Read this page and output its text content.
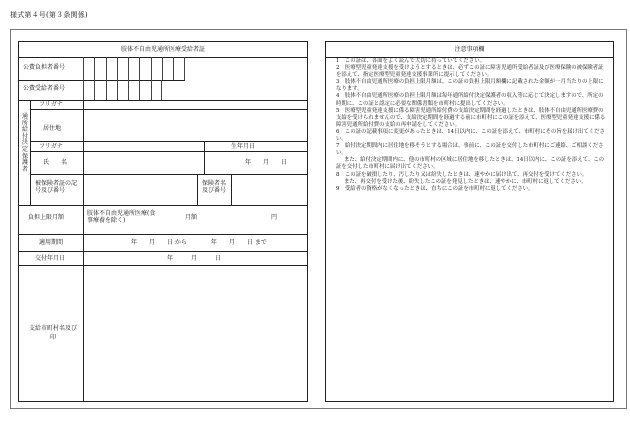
様式第４号(第３条関係)
肢体不自由児通所医療受給者証
公費負担者番号
公費受給者番号
通所給付決定保護者
フリガナ
居住地
フリガナ	生年月日
氏　　名	年　　月　　日
被保険者証の記号及び番号
保険者名及び番号
負担上限月額
肢体不自由児通所医療(食事療養を除く)	月額	円
適用期間	年　　月　　日 から　　　　年　　月　　日 まで
交付年月日	年　　　月　　　日
支給市町村名及び印
注意事項欄

1　この証は、各面をよく読んで大切に持っていてください。

2　医療型児童発達支援を受けようとするときは、必ずこの証に障害児通所受給者証及び医療保険の被保険者証を添えて、指定医療型児童発達支援事業所に提示してください。

3　肢体不自由児通所医療の負担上限月額は、この証の負担上限月額欄に記載された金額が一月当たりの上限になります。

4　肢体不自由児通所医療の負担上限月額は毎年通所給付決定保護者の収入等に応じて決定しますので、所定の時期に、この証と認定に必要な関係書類を市町村に提出してください。

5　医療型児童発達支援に係る障害児通所給付費の支給決定期間を経過したときは、肢体不自由児通所医療費の支給を受けられませんので、支給決定期間を経過する前に市町村にこの証を添えて、医療型児童発達支援に係る障害児通所給付費の支給の再申請をしてください。

6　この証の記載事項に変更があったときは、14日以内に、この証を添えて、市町村にその旨を届け出てください。

7　給付決定期間内に居住地を移そうとする場合は、事前に、この証を交付した市町村にご連絡、ご相談ください。

また、給付決定期間内に、他の市町村の区域に居住地を移したときは、14日以内に、この証を添えて、この証を交付した市町村に届け出てください。

8　この証を破損したり、汚したり又は紛失したときは、速やかに届け出て、再交付を受けてください。

また、再交付を受けた後、紛失したこの証を発見したときは、速やかに、市町村に返してください。

9　受給者の資格がなくなったときは、直ちにこの証を市町村に返してください。
